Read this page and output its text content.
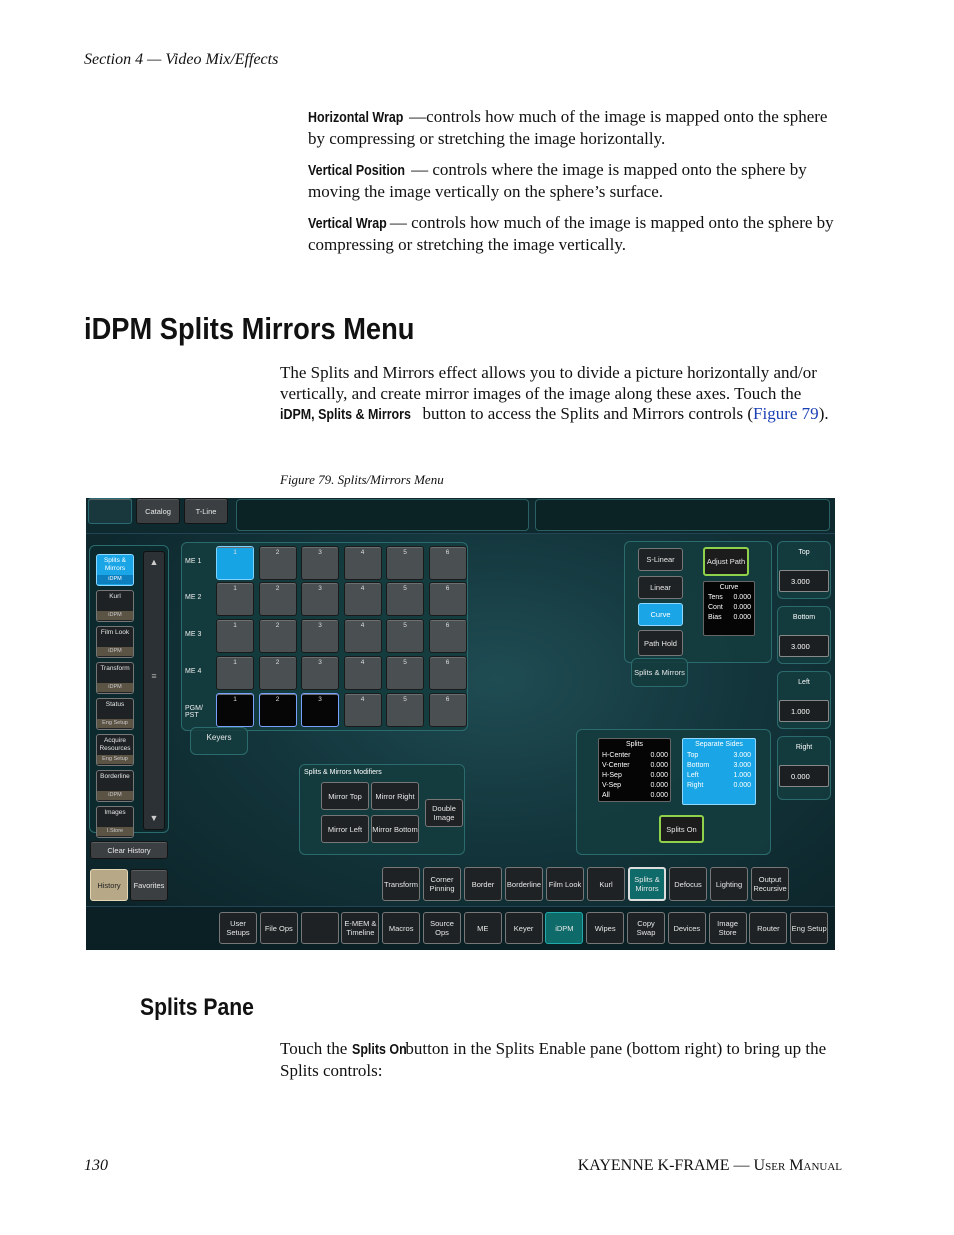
Section 4 — Video Mix/Effects
Horizontal Wrap —controls how much of the image is mapped onto the sphere by compressing or stretching the image horizontally.
Vertical Position — controls where the image is mapped onto the sphere by moving the image vertically on the sphere’s surface.
Vertical Wrap — controls how much of the image is mapped onto the sphere by compressing or stretching the image vertically.
iDPM Splits Mirrors Menu
The Splits and Mirrors effect allows you to divide a picture horizontally and/or vertically, and create mirror images of the image along these axes. Touch the iDPM, Splits & Mirrors button to access the Splits and Mirrors controls (Figure 79).
Figure 79. Splits/Mirrors Menu
Catalog	T-Line
Splits & Mirrors
iDPM
Kurl
iDPM
Film Look
iDPM
Transform
iDPM
Status
Eng Setup
Acquire Resources
Eng Setup
Borderline
iDPM
Images
I.Store
▲
≡
▼
Clear History
History	Favorites
Keyers
ME 1
1	2	3	4	5	6
ME 2
1	2	3	4	5	6
ME 3
1	2	3	4	5	6
ME 4
1	2	3	4	5	6
PGM/ PST
1	2	3	4	5	6
Splits & Mirrors
S-Linear
Linear
Curve
Path Hold
Adjust Path
Curve
Tens	0.000
Cont	0.000
Bias	0.000
Splits & Mirrors Modifiers
Mirror Top	Mirror Right
Mirror Left	Mirror Bottom
Double Image
Splits
H-Center	0.000
V-Center	0.000
H-Sep	0.000
V-Sep	0.000
All	0.000
Separate Sides
Top	3.000
Bottom	3.000
Left	1.000
Right	0.000
Splits On
Top
3.000
Bottom
3.000
Left
1.000
Right
0.000
Transform	Corner Pinning	Border	Borderline	Film Look	Kurl	Splits & Mirrors	Defocus	Lighting	Output Recursive
User Setups	File Ops	E-MEM & Timeline	Macros	Source Ops	ME	Keyer	iDPM	Wipes	Copy Swap	Devices	Image Store	Router	Eng Setup
Splits Pane
Touch the Splits On button in the Splits Enable pane (bottom right) to bring up the Splits controls:
130	KAYENNE K-FRAME — User Manual
